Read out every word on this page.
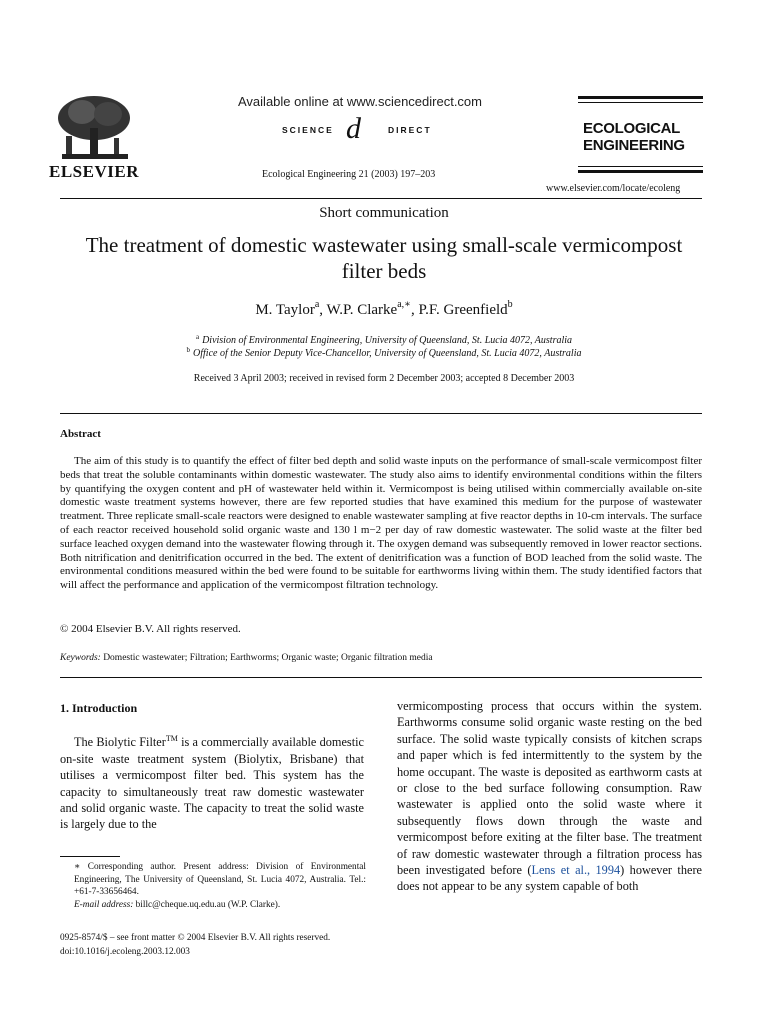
ELSEVIER
Available online at www.sciencedirect.com
SCIENCE d	DIRECT
Ecological Engineering 21 (2003) 197–203
ECOLOGICAL
ENGINEERING
www.elsevier.com/locate/ecoleng
Short communication
The treatment of domestic wastewater using small-scale vermicompost filter beds
M. Taylor$^a$, W.P. Clarke$^{a,∗}$, P.F. Greenfield$^b$
$^a$ Division of Environmental Engineering, University of Queensland, St. Lucia 4072, Australia
$^b$ Office of the Senior Deputy Vice-Chancellor, University of Queensland, St. Lucia 4072, Australia
Received 3 April 2003; received in revised form 2 December 2003; accepted 8 December 2003
Abstract
The aim of this study is to quantify the effect of filter bed depth and solid waste inputs on the performance of small-scale vermicompost filter beds that treat the soluble contaminants within domestic wastewater. The study also aims to identify environmental conditions within the filters by quantifying the oxygen content and pH of wastewater held within it. Vermicompost is being utilised within commercially available on-site domestic waste treatment systems however, there are few reported studies that have examined this medium for the purpose of wastewater treatment. Three replicate small-scale reactors were designed to enable wastewater sampling at five reactor depths in 10-cm intervals. The surface of each reactor received household solid organic waste and 130 l m−2 per day of raw domestic wastewater. The solid waste at the filter bed surface leached oxygen demand into the wastewater flowing through it. The oxygen demand was subsequently removed in lower reactor sections. Both nitrification and denitrification occurred in the bed. The extent of denitrification was a function of BOD leached from the solid waste. The environmental conditions measured within the bed were found to be suitable for earthworms living within them. The study identified factors that will affect the performance and application of the vermicompost filtration technology.
© 2004 Elsevier B.V. All rights reserved.
Keywords: Domestic wastewater; Filtration; Earthworms; Organic waste; Organic filtration media
1. Introduction
The Biolytic Filter™ is a commercially available domestic on-site waste treatment system (Biolytix, Brisbane) that utilises a vermicompost filter bed. This system has the capacity to simultaneously treat raw domestic wastewater and solid organic waste. The capacity to treat the solid waste is largely due to the
vermicomposting process that occurs within the system. Earthworms consume solid organic waste resting on the bed surface. The solid waste typically consists of kitchen scraps and paper which is fed intermittently to the system by the home occupant. The waste is deposited as earthworm casts at or close to the bed surface following consumption. Raw wastewater is applied onto the solid waste where it subsequently flows down through the waste and vermicompost before exiting at the filter base. The treatment of raw domestic wastewater through a filtration process has been investigated before (Lens et al., 1994) however there does not appear to be any system capable of both
∗ Corresponding author. Present address: Division of Environmental Engineering, The University of Queensland, St. Lucia 4072, Australia. Tel.: +61-7-33656464.
E-mail address: billc@cheque.uq.edu.au (W.P. Clarke).
0925-8574/$ – see front matter © 2004 Elsevier B.V. All rights reserved.
doi:10.1016/j.ecoleng.2003.12.003
